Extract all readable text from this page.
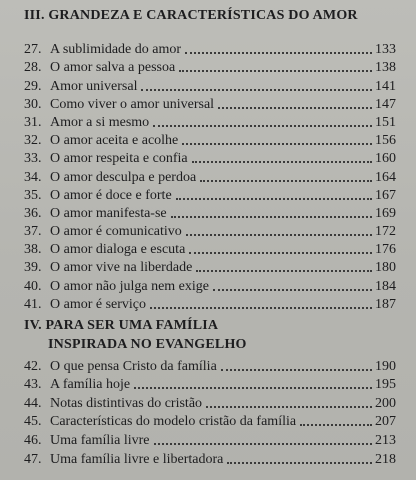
III. GRANDEZA E CARACTERÍSTICAS DO AMOR
27. A sublimidade do amor	133
28. O amor salva a pessoa	138
29. Amor universal	141
30. Como viver o amor universal	147
31. Amor a si mesmo	151
32. O amor aceita e acolhe	156
33. O amor respeita e confia	160
34. O amor desculpa e perdoa	164
35. O amor é doce e forte	167
36. O amor manifesta-se	169
37. O amor é comunicativo	172
38. O amor dialoga e escuta	176
39. O amor vive na liberdade	180
40. O amor não julga nem exige	184
41. O amor é serviço	187
IV. PARA SER UMA FAMÍLIA
INSPIRADA NO EVANGELHO
42. O que pensa Cristo da família	190
43. A família hoje	195
44. Notas distintivas do cristão	200
45. Características do modelo cristão da família	207
46. Uma família livre	213
47. Uma família livre e libertadora	218
